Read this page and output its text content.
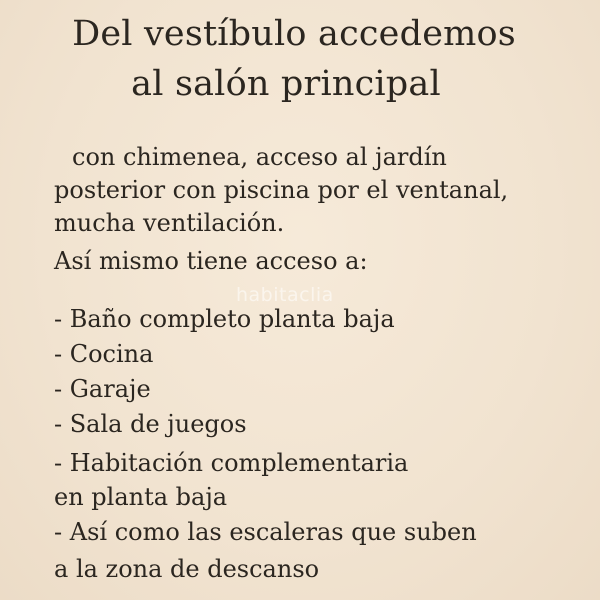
Del vestíbulo accedemos
al salón principal
con chimenea, acceso al jardín
posterior con piscina por el ventanal,
mucha ventilación.
Así mismo tiene acceso a:
habitaclia
- Baño completo planta baja
- Cocina
- Garaje
- Sala de juegos
- Habitación complementaria
en planta baja
- Así como las escaleras que suben
a la zona de descanso
